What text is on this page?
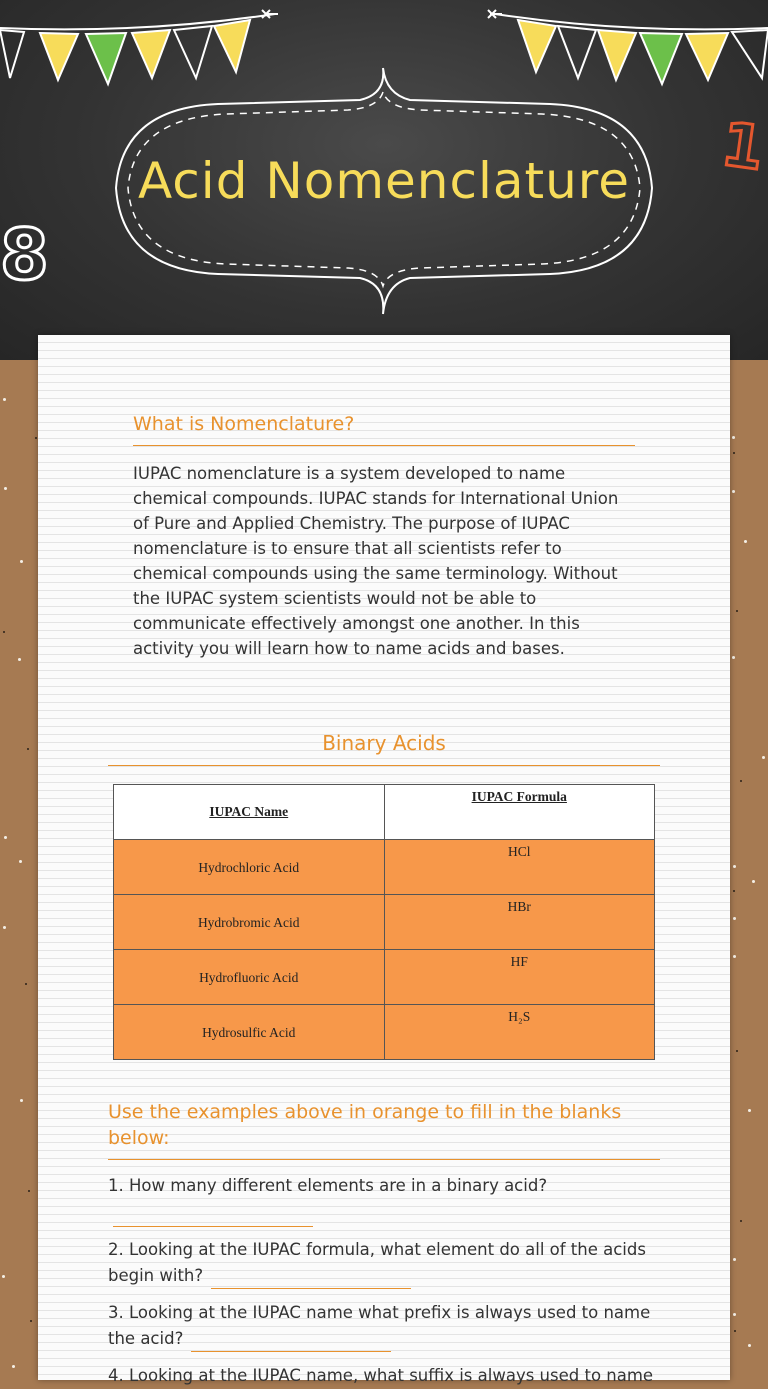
Acid Nomenclature	1
8
What is Nomenclature?
IUPAC nomenclature is a system developed to name chemical compounds. IUPAC stands for International Union of Pure and Applied Chemistry. The purpose of IUPAC nomenclature is to ensure that all scientists refer to chemical compounds using the same terminology. Without the IUPAC system scientists would not be able to communicate effectively amongst one another. In this activity you will learn how to name acids and bases.
Binary Acids
IUPAC Name	IUPAC Formula
Hydrochloric Acid	HCl
Hydrobromic Acid	HBr
Hydrofluoric Acid	HF
Hydrosulfic Acid	H₂S
Use the examples above in orange to fill in the blanks below:
1. How many different elements are in a binary acid?
2. Looking at the IUPAC formula, what element do all of the acids begin with?
3. Looking at the IUPAC name what prefix is always used to name the acid?
4. Looking at the IUPAC name, what suffix is always used to name
